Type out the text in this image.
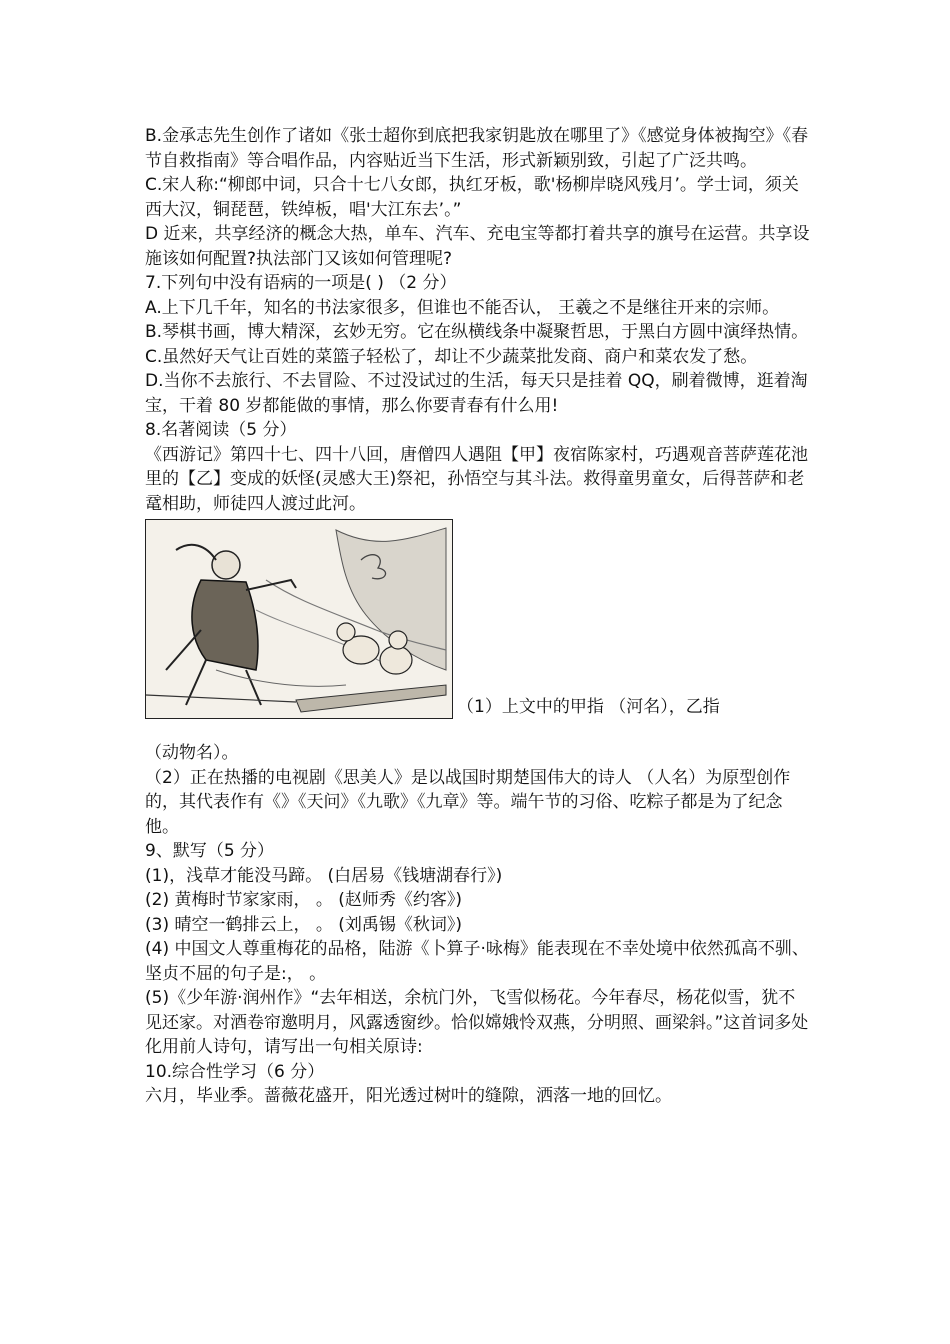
B.金承志先生创作了诸如《张士超你到底把我家钥匙放在哪里了》《感觉身体被掏空》《春节自救指南》等合唱作品，内容贴近当下生活，形式新颖别致，引起了广泛共鸣。

C.宋人称:“柳郎中词，只合十七八女郎，执红牙板，歌'杨柳岸晓风残月’。学士词，须关西大汉，铜琵琶，铁绰板，唱'大江东去’。”

D 近来，共享经济的概念大热，单车、汽车、充电宝等都打着共享的旗号在运营。共享设施该如何配置?执法部门又该如何管理呢?

7.下列句中没有语病的一项是( ) （2 分）

A.上下几千年，知名的书法家很多，但谁也不能否认， 王羲之不是继往开来的宗师。

B.琴棋书画，博大精深，玄妙无穷。它在纵横线条中凝聚哲思，于黑白方圆中演绎热情。

C.虽然好天气让百姓的菜篮子轻松了，却让不少蔬菜批发商、商户和菜农发了愁。

D.当你不去旅行、不去冒险、不过没试过的生活，每天只是挂着 QQ，刷着微博，逛着淘宝，干着 80 岁都能做的事情，那么你要青春有什么用!

8.名著阅读（5 分）

《西游记》第四十七、四十八回，唐僧四人遇阻【甲】夜宿陈家村，巧遇观音菩萨莲花池里的【乙】变成的妖怪(灵感大王)祭祀，孙悟空与其斗法。救得童男童女，后得菩萨和老鼋相助，师徒四人渡过此河。

（1）上文中的甲指 （河名），乙指

（动物名）。

（2）正在热播的电视剧《思美人》是以战国时期楚国伟大的诗人 （人名）为原型创作的，其代表作有《》《天问》《九歌》《九章》等。端午节的习俗、吃粽子都是为了纪念他。

9、默写（5 分）

(1)，浅草才能没马蹄。 (白居易《钱塘湖春行》)

(2) 黄梅时节家家雨， 。 (赵师秀《约客》)

(3) 晴空一鹤排云上， 。 (刘禹锡《秋词》)

(4) 中国文人尊重梅花的品格，陆游《卜算子·咏梅》能表现在不幸处境中依然孤高不驯、坚贞不屈的句子是:， 。

(5)《少年游·润州作》“去年相送，余杭门外，飞雪似杨花。今年春尽，杨花似雪，犹不见还家。对酒卷帘邀明月，风露透窗纱。恰似嫦娥怜双燕，分明照、画梁斜。”这首词多处化用前人诗句，请写出一句相关原诗:

10.综合性学习（6 分）

六月，毕业季。蔷薇花盛开，阳光透过树叶的缝隙，洒落一地的回忆。
